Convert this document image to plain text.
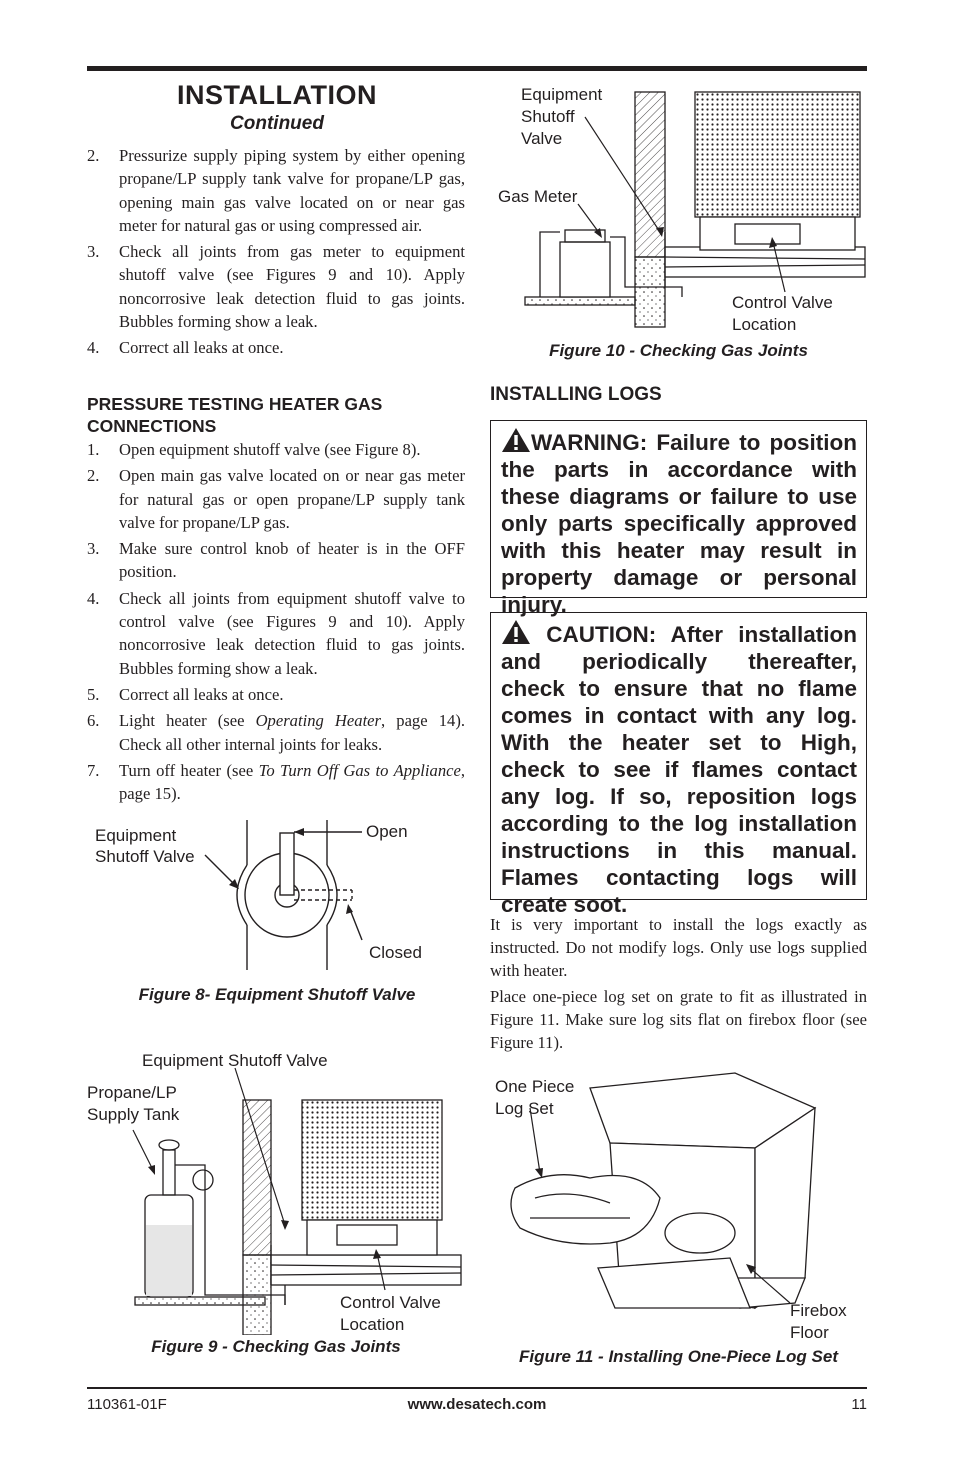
INSTALLATION
Continued
2.	Pressurize supply piping system by either opening propane/LP supply tank valve for propane/LP gas, opening main gas valve located on or near gas meter for natural gas or using compressed air.
3.	Check all joints from gas meter to equipment shutoff valve (see Figures 9 and 10). Apply noncorrosive leak detection fluid to gas joints. Bubbles forming show a leak.
4.	Correct all leaks at once.
PRESSURE TESTING HEATER GAS CONNECTIONS
1.	Open equipment shutoff valve (see Figure 8).
2.	Open main gas valve located on or near gas meter for natural gas or open propane/LP supply tank valve for propane/LP gas.
3.	Make sure control knob of heater is in the OFF position.
4.	Check all joints from equipment shutoff valve to control valve (see Figures 9 and 10). Apply noncorrosive leak detection fluid to gas joints. Bubbles forming show a leak.
5.	Correct all leaks at once.
6.	Light heater (see Operating Heater, page 14). Check all other internal joints for leaks.
7.	Turn off heater (see To Turn Off Gas to Appliance, page 15).
Equipment
Shutoff Valve
Open
Closed
Figure 8- Equipment Shutoff Valve
Equipment Shutoff Valve
Propane/LP
Supply Tank
Control Valve
Location
Figure 9 - Checking Gas Joints
Equipment
Shutoff
Valve
Gas Meter
Control Valve
Location
Figure 10 - Checking Gas Joints
INSTALLING LOGS
WARNING: Failure to position the parts in accordance with these diagrams or failure to use only parts specifically approved with this heater may result in property damage or personal injury.
CAUTION: After installation and periodically thereafter, check to ensure that no flame comes in contact with any log. With the heater set to High, check to see if flames contact any log. If so, reposition logs according to the log installation instructions in this manual. Flames contacting logs will create soot.
It is very important to install the logs exactly as instructed. Do not modify logs. Only use logs supplied with heater.
Place one-piece log set on grate to fit as illustrated in Figure 11. Make sure log sits flat on firebox floor (see Figure 11).
One Piece
Log Set
Firebox
Floor
Figure 11 - Installing One-Piece Log Set
110361-01F	www.desatech.com	11
